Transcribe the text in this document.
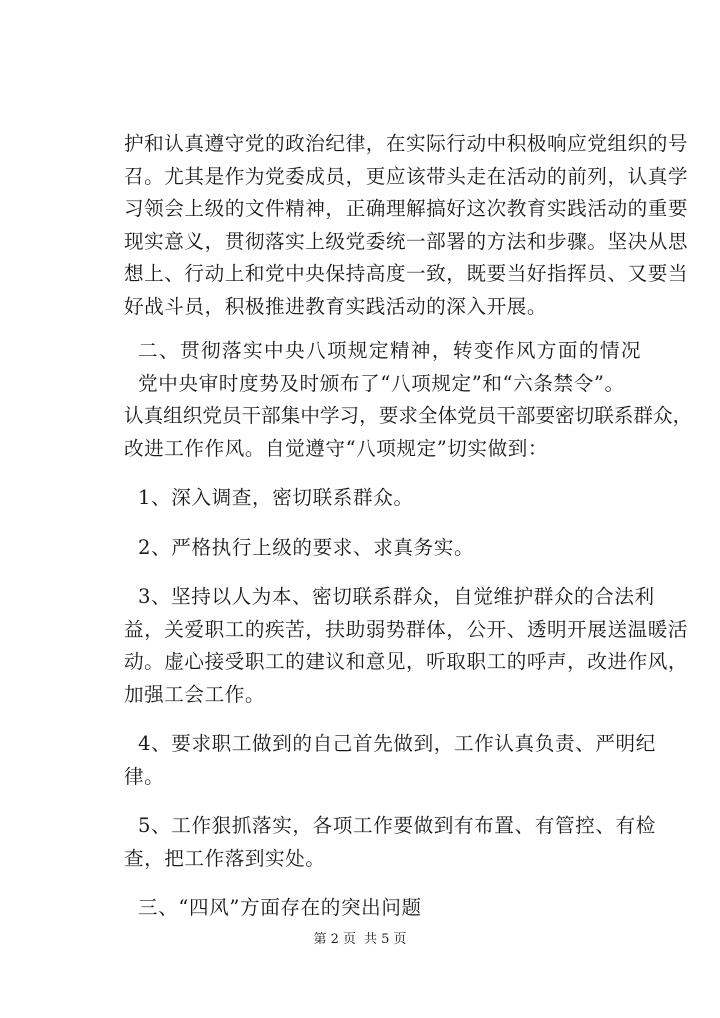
护和认真遵守党的政治纪律，在实际行动中积极响应党组织的号
召。尤其是作为党委成员，更应该带头走在活动的前列，认真学
习领会上级的文件精神，正确理解搞好这次教育实践活动的重要
现实意义，贯彻落实上级党委统一部署的方法和步骤。坚决从思
想上、行动上和党中央保持高度一致，既要当好指挥员、又要当
好战斗员，积极推进教育实践活动的深入开展。
二、贯彻落实中央八项规定精神，转变作风方面的情况
党中央审时度势及时颁布了“八项规定”和“六条禁令”。
认真组织党员干部集中学习，要求全体党员干部要密切联系群众，
改进工作作风。自觉遵守“八项规定”切实做到：
1、深入调查，密切联系群众。
2、严格执行上级的要求、求真务实。
3、坚持以人为本、密切联系群众，自觉维护群众的合法利
益，关爱职工的疾苦，扶助弱势群体，公开、透明开展送温暖活
动。虚心接受职工的建议和意见，听取职工的呼声，改进作风，
加强工会工作。
4、要求职工做到的自己首先做到，工作认真负责、严明纪
律。
5、工作狠抓落实，各项工作要做到有布置、有管控、有检
查，把工作落到实处。
三、“四风”方面存在的突出问题
第 2 页 共 5 页
